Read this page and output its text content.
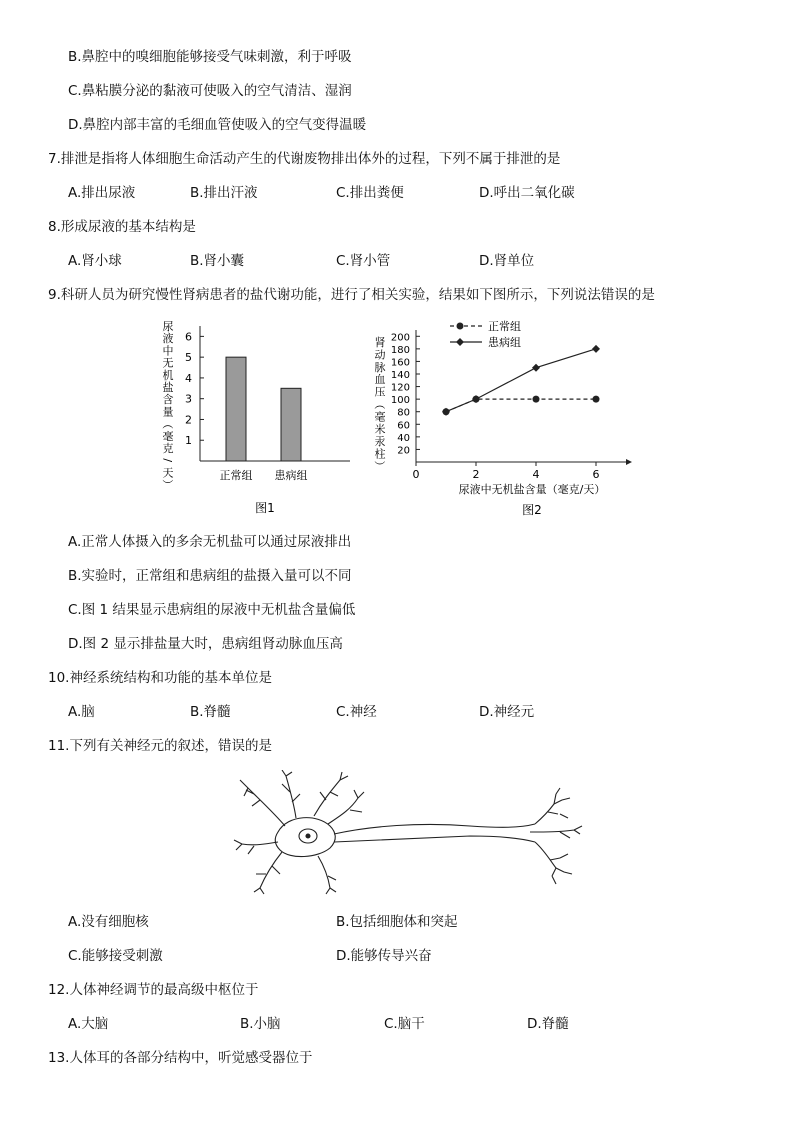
B.鼻腔中的嗅细胞能够接受气味刺激，利于呼吸
C.鼻粘膜分泌的黏液可使吸入的空气清洁、湿润
D.鼻腔内部丰富的毛细血管使吸入的空气变得温暖
7.排泄是指将人体细胞生命活动产生的代谢废物排出体外的过程，下列不属于排泄的是
A.排出尿液	B.排出汗液	C.排出粪便	D.呼出二氧化碳
8.形成尿液的基本结构是
A.肾小球	B.肾小囊	C.肾小管	D.肾单位
9.科研人员为研究慢性肾病患者的盐代谢功能，进行了相关实验，结果如下图所示，下列说法错误的是
尿
液
中
无
机
盐
含
量
（
毫
克
/
天
）
1
2
3
4
5
6
正常组 患病组
图1
肾
动
脉
血
压
（
毫
米
汞
柱
）
20
40
60
80
100
120
140
160
180
200
0	2	4	6
正常组
患病组
尿液中无机盐含量（毫克/天）
图2
A.正常人体摄入的多余无机盐可以通过尿液排出
B.实验时，正常组和患病组的盐摄入量可以不同
C.图 1 结果显示患病组的尿液中无机盐含量偏低
D.图 2 显示排盐量大时，患病组肾动脉血压高
10.神经系统结构和功能的基本单位是
A.脑	B.脊髓	C.神经	D.神经元
11.下列有关神经元的叙述，错误的是
A.没有细胞核	B.包括细胞体和突起
C.能够接受刺激	D.能够传导兴奋
12.人体神经调节的最高级中枢位于
A.大脑	B.小脑	C.脑干	D.脊髓
13.人体耳的各部分结构中，听觉感受器位于
